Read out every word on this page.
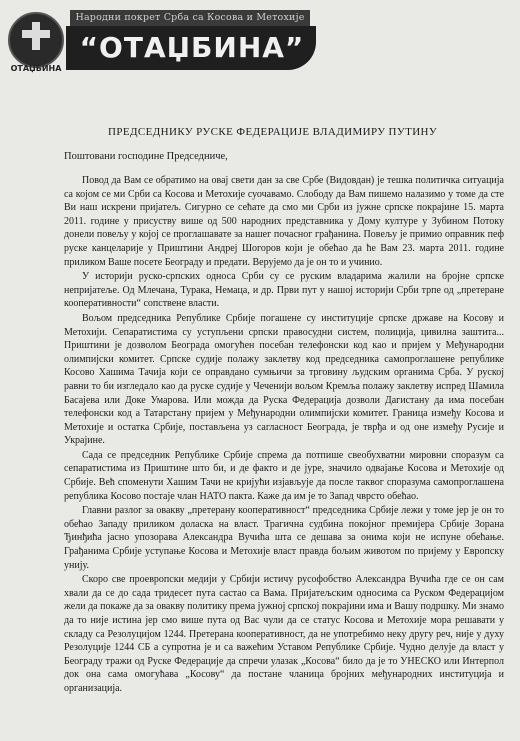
ОТАЏБИНА
Народни покрет Срба са Косова и Метохије
“ОТАЏБИНА”
ПРЕДСЕДНИКУ РУСКЕ ФЕДЕРАЦИЈЕ ВЛАДИМИРУ ПУТИНУ
Поштовани господине Председниче,

Повод да Вам се обратимо на овај свети дан за све Србе (Видовдан) је тешка политичка ситуација са којом се ми Срби са Косова и Метохије суочавамо. Слободу да Вам пишемо налазимо у томе да сте Ви наш искрени пријатељ. Сигурно се сећате да смо ми Срби из јужне српске покрајине 15. марта 2011. године у присуству више од 500 народних представника у Дому културе у Зубином Потоку донели повељу у којој се проглашавате за нашег почасног грађанина. Повељу је примио оправник пеф руске канцеларије у Приштини Андреј Шогоров који је обећао да ће Вам 23. марта 2011. године приликом Ваше посете Београду и предати. Верујемо да је он то и учинио.

У историји руско-српских односа Срби су се руским владарима жалили на бројне српске непријатеље. Од Млечана, Турака, Немаца, и др. Први пут у нашој историји Срби трпе од „претеране кооперативности“ сопствене власти.

Вољом председника Републике Србије погашене су институције српске државе на Косову и Метохији. Сепаратистима су уступљени српски правосудни систем, полиција, цивилна заштита... Приштини је дозволом Београда омогућен посебан телефонски код као и пријем у Међународни олимпијски комитет. Српске судије полажу заклетву код председника самопроглашене републике Косово Хашима Тачија који се оправдано сумњичи за трговину људским органима Срба. У руској равни то би изгледало као да руске судије у Чеченији вољом Кремља полажу заклетву испред Шамила Басајева или Доке Умарова. Или можда да Руска Федерација дозволи Дагистану да има посебан телефонски код а Татарстану пријем у Међународни олимпијски комитет. Граница између Косова и Метохије и остатка Србије, постављена уз сагласност Београда, је тврђа и од оне између Русије и Украјине.

Сада се председник Републике Србије спрема да потпише свеобухватни мировни споразум са сепаратистима из Приштине што би, и де факто и де јуре, значило одвајање Косова и Метохије од Србије. Већ споменути Хашим Тачи не кријући изјављује да после таквог споразума самопроглашена република Косово постаје члан НАТО пакта. Каже да им је то Запад чврсто обећао.

Главни разлог за овакву „претерану кооперативност“ председника Србије лежи у томе јер је он то обећао Западу приликом доласка на власт. Трагична судбина покојног премијера Србије Зорана Ђинђића јасно упозорава Александра Вучића шта се дешава за онима који не испуне обећање. Грађанима Србије уступање Косова и Метохије власт правда бољим животом по пријему у Европску унију.

Скоро све проевропски медији у Србији истичу русофобство Александра Вучића где се он сам хвали да се до сада тридесет пута састао са Вама. Пријатељским односима са Руском Федерацијом жели да покаже да за овакву политику према јужној српској покрајини има и Вашу подршку. Ми знамо да то није истина јер смо више пута од Вас чули да се статус Косова и Метохије мора решавати у складу са Резолуцијом 1244. Претерана кооперативност, да не употребимо неку другу реч, није у духу Резолуције 1244 СБ а супротна је и са важећим Уставом Републике Србије. Чудно делује да власт у Београду тражи од Руске Федерације да спречи улазак „Косова“ било да је то УНЕСКО или Интерпол док она сама омогућава „Косову“ да постане чланица бројних међународних институција и организација.
